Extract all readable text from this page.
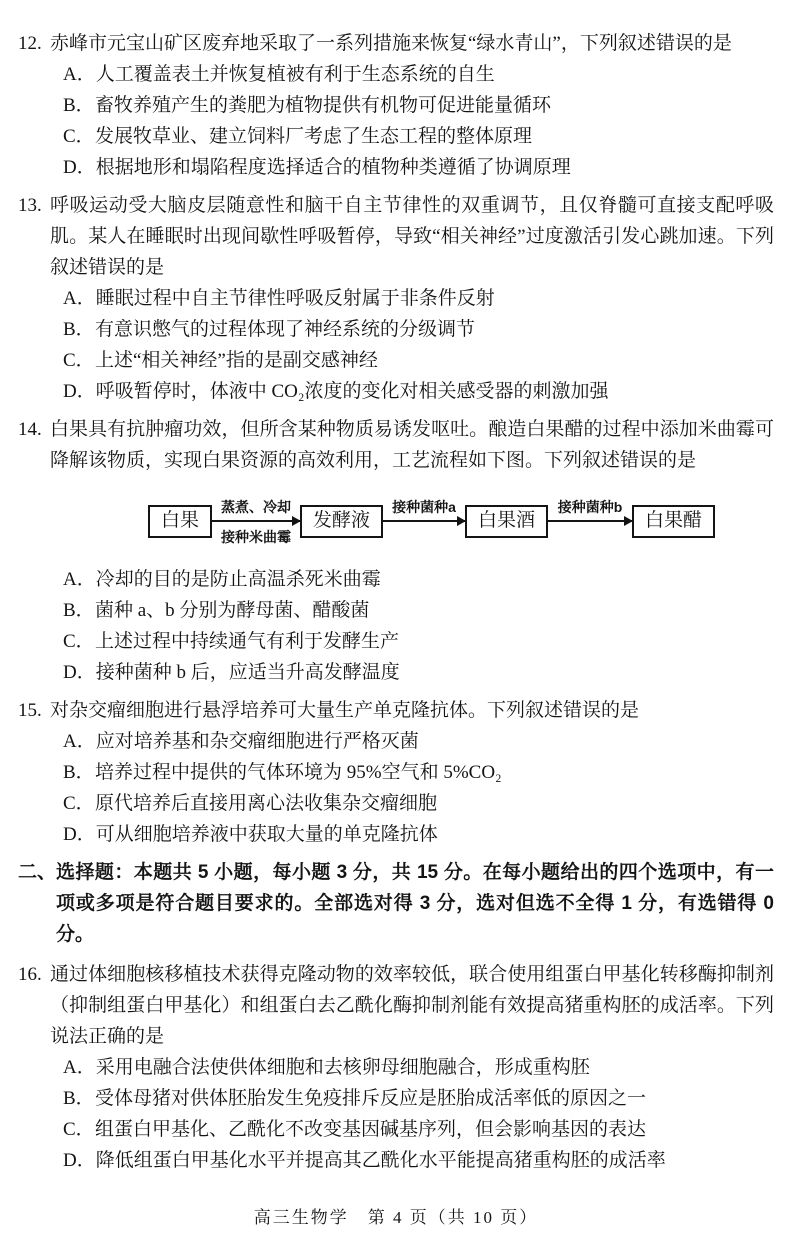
12. 赤峰市元宝山矿区废弃地采取了一系列措施来恢复“绿水青山”，下列叙述错误的是
A． 人工覆盖表土并恢复植被有利于生态系统的自生
B． 畜牧养殖产生的粪肥为植物提供有机物可促进能量循环
C． 发展牧草业、建立饲料厂考虑了生态工程的整体原理
D． 根据地形和塌陷程度选择适合的植物种类遵循了协调原理
13. 呼吸运动受大脑皮层随意性和脑干自主节律性的双重调节，且仅脊髓可直接支配呼吸肌。某人在睡眠时出现间歇性呼吸暂停，导致“相关神经”过度激活引发心跳加速。下列叙述错误的是
A． 睡眠过程中自主节律性呼吸反射属于非条件反射
B． 有意识憋气的过程体现了神经系统的分级调节
C． 上述“相关神经”指的是副交感神经
D． 呼吸暂停时，体液中 CO₂浓度的变化对相关感受器的刺激加强
14. 白果具有抗肿瘤功效，但所含某种物质易诱发呕吐。酿造白果醋的过程中添加米曲霉可降解该物质，实现白果资源的高效利用，工艺流程如下图。下列叙述错误的是
白果
蒸煮、冷却
接种米曲霉
发酵液
接种菌种a
白果酒
接种菌种b
白果醋
A． 冷却的目的是防止高温杀死米曲霉
B． 菌种 a、b 分别为酵母菌、醋酸菌
C． 上述过程中持续通气有利于发酵生产
D． 接种菌种 b 后，应适当升高发酵温度
15. 对杂交瘤细胞进行悬浮培养可大量生产单克隆抗体。下列叙述错误的是
A． 应对培养基和杂交瘤细胞进行严格灭菌
B． 培养过程中提供的气体环境为 95%空气和 5%CO₂
C． 原代培养后直接用离心法收集杂交瘤细胞
D． 可从细胞培养液中获取大量的单克隆抗体
二、 选择题：本题共 5 小题，每小题 3 分，共 15 分。在每小题给出的四个选项中，有一项或多项是符合题目要求的。全部选对得 3 分，选对但选不全得 1 分，有选错得 0 分。
16. 通过体细胞核移植技术获得克隆动物的效率较低，联合使用组蛋白甲基化转移酶抑制剂（抑制组蛋白甲基化）和组蛋白去乙酰化酶抑制剂能有效提高猪重构胚的成活率。下列说法正确的是
A． 采用电融合法使供体细胞和去核卵母细胞融合，形成重构胚
B． 受体母猪对供体胚胎发生免疫排斥反应是胚胎成活率低的原因之一
C． 组蛋白甲基化、乙酰化不改变基因碱基序列，但会影响基因的表达
D． 降低组蛋白甲基化水平并提高其乙酰化水平能提高猪重构胚的成活率
高三生物学　第 4 页（共 10 页）
